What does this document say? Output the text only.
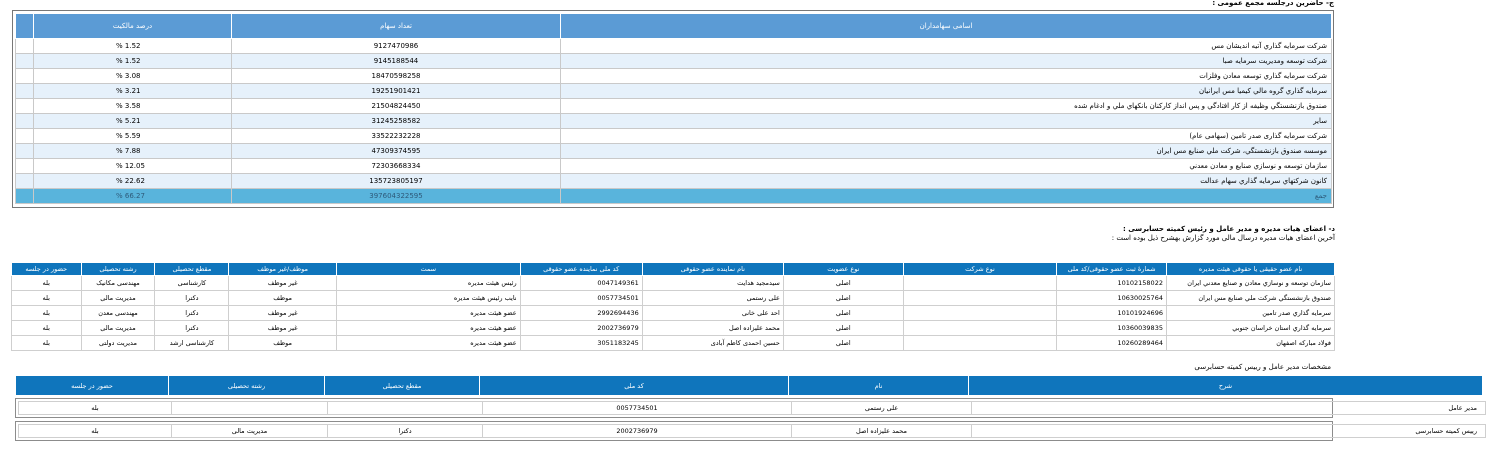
ج- حاضرین درجلسه مجمع عمومی :
اسامی سهامداران	تعداد سهام	درصد مالکیت	
شرکت سرمایه گذاري آتیه اندیشان مس	9127470986	1.52 %	
شرکت توسعه ومدیریت سرمایه صبا	9145188544	1.52 %	
شرکت سرمایه گذاري توسعه معادن وفلزات	18470598258	3.08 %	
سرمايه گذاري گروه مالي كيمیا مس ايرانيان	19251901421	3.21 %	
صندوق بازنشستگي وظيفه از كار افتادگي و پس انداز كاركنان بانكهاي ملي و ادغام شده	21504824450	3.58 %	
سایر	31245258582	5.21 %	
شرکت سرمایه گذاری صدر تامین (سهامی عام)	33522232228	5.59 %	
موسسه صندوق بازنشستگي، شرکت ملي صنایع مس ایران	47309374595	7.88 %	
سازمان توسعه و نوسازي صنایع و معادن معدني	72303668334	12.05 %	
کانون شرکتهاي سرمایه گذاري سهام عدالت	135723805197	22.62 %	
جمع	397604322595	66.27 %	
د- اعضای هیات مدیره و مدیر عامل و رئیس کمیته حسابرسی :
آخرین اعضای هیات مدیره درسال مالی مورد گزارش بهشرح ذیل بوده است :
نام عضو حقیقی یا حقوقی هیئت مدیره	شمارۀ ثبت عضو حقوقی/کد ملی	نوع شرکت	نوع عضویت	نام نماینده عضو حقوقی	کد ملی نماینده عضو حقوقی	سمت	موظف/غیر موظف	مقطع تحصیلی	رشته تحصیلی	حضور در جلسه
سازمان توسعه و نوسازي معادن و صنايع معدني ايران	10102158022		اصلی	سیدمجید هدایت	0047149361	رئیس هیئت مدیره	غیر موظف	کارشناسی	مهندسی مکانیک	بله
صندوق بازنشستگي شركت ملي صنايع مس ايران	10630025764		اصلی	علی رستمی	0057734501	نایب رئیس هیئت مدیره	موظف	دکترا	مدیریت مالی	بله
سرمايه گذاري صدر تامين	10101924696		اصلی	احد علی خانی	2992694436	عضو هیئت مدیره	غیر موظف	دکترا	مهندسی معدن	بله
سرمايه گذاري استان خراسان جنوبي	10360039835		اصلی	محمد علیزاده اصل	2002736979	عضو هیئت مدیره	غیر موظف	دکترا	مدیریت مالی	بله
فولاد مباركه اصفهان	10260289464		اصلی	حسین احمدی کاظم آبادی	3051183245	عضو هیئت مدیره	موظف	کارشناسی ارشد	مدیریت دولتی	بله
مشخصات مدیر عامل و رییس کمیته حسابرسی
شرح	نام	کد ملی	مقطع تحصیلی	رشته تحصیلی	حضور در جلسه
مدیر عامل	علی رستمی	0057734501			بله
رییس کمیته حسابرسی	محمد علیزاده اصل	2002736979	دکترا	مدیریت مالی	بله
